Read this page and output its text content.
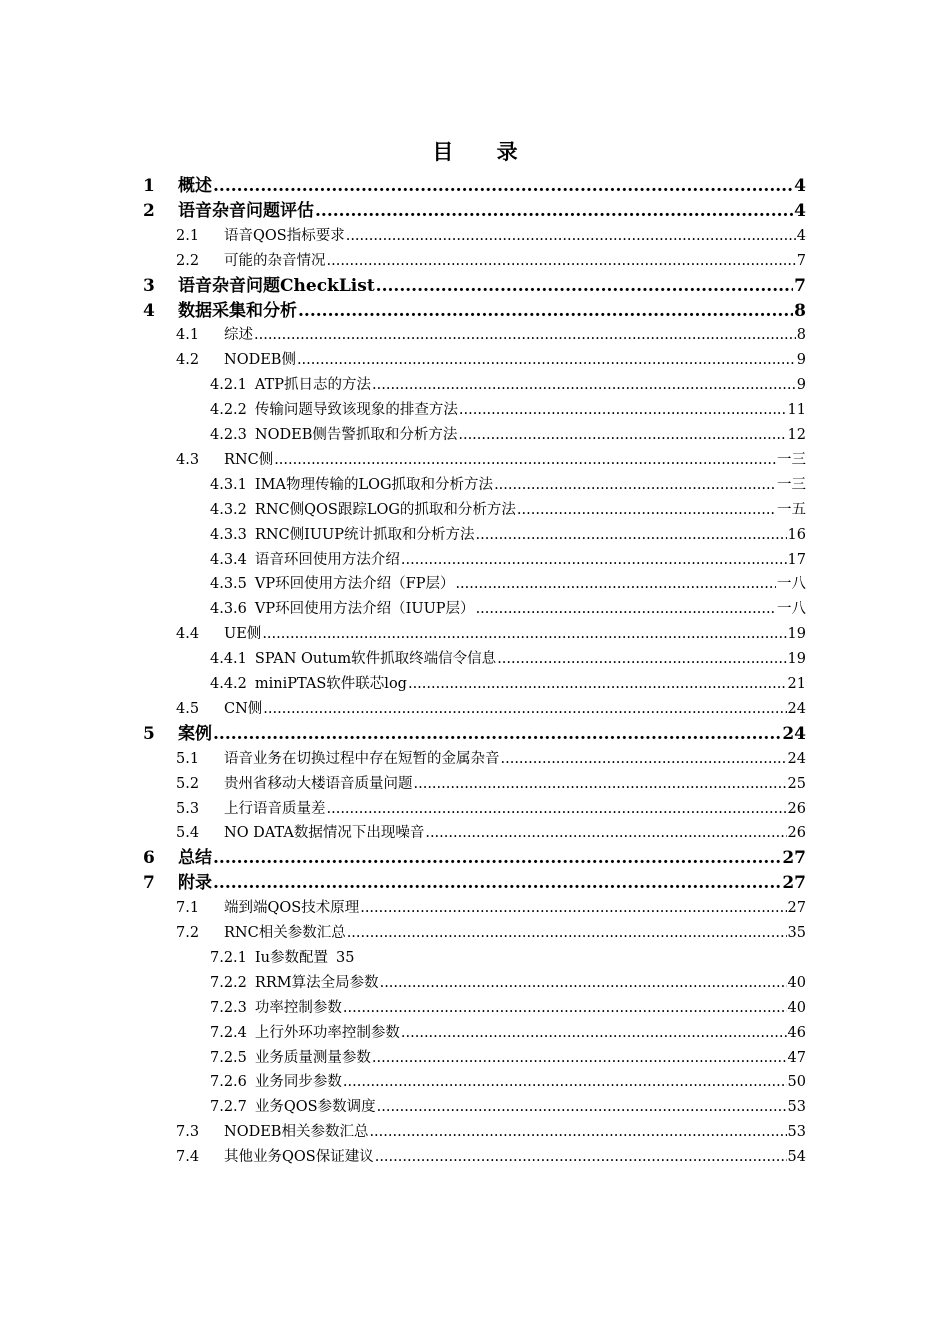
目 录
1	概述 .....	4
2	语音杂音问题评估 .....	4
2.1	语音QOS指标要求 .....	4
2.2	可能的杂音情况 .....	7
3	语音杂音问题CheckList .....	7
4	数据采集和分析 .....	8
4.1	综述 .....	8
4.2	NODEB侧 .....	9
4.2.1 ATP抓日志的方法 .....	9
4.2.2 传输问题导致该现象的排查方法 .....	11
4.2.3 NODEB侧告警抓取和分析方法 .....	12
4.3	RNC侧 .....	一三
4.3.1 IMA物理传输的LOG抓取和分析方法 .....	一三
4.3.2 RNC侧QOS跟踪LOG的抓取和分析方法 .....	一五
4.3.3 RNC侧IUUP统计抓取和分析方法 .....	16
4.3.4 语音环回使用方法介绍 .....	17
4.3.5 VP环回使用方法介绍（FP层） .....	一八
4.3.6 VP环回使用方法介绍（IUUP层） .....	一八
4.4	UE侧 .....	19
4.4.1 SPAN Outum软件抓取终端信令信息 .....	19
4.4.2 miniPTAS软件联芯log .....	21
4.5	CN侧 .....	24
5	案例 .....	24
5.1	语音业务在切换过程中存在短暂的金属杂音 .....	24
5.2	贵州省移动大楼语音质量问题 .....	25
5.3	上行语音质量差 .....	26
5.4	NO DATA数据情况下出现噪音 .....	26
6	总结 .....	27
7	附录 .....	27
7.1	端到端QOS技术原理 .....	27
7.2	RNC相关参数汇总 .....	35
7.2.1 Iu参数配置 35
7.2.2 RRM算法全局参数 .....	40
7.2.3 功率控制参数 .....	40
7.2.4 上行外环功率控制参数 .....	46
7.2.5 业务质量测量参数 .....	47
7.2.6 业务同步参数 .....	50
7.2.7 业务QOS参数调度 .....	53
7.3	NODEB相关参数汇总 .....	53
7.4	其他业务QOS保证建议 .....	54
